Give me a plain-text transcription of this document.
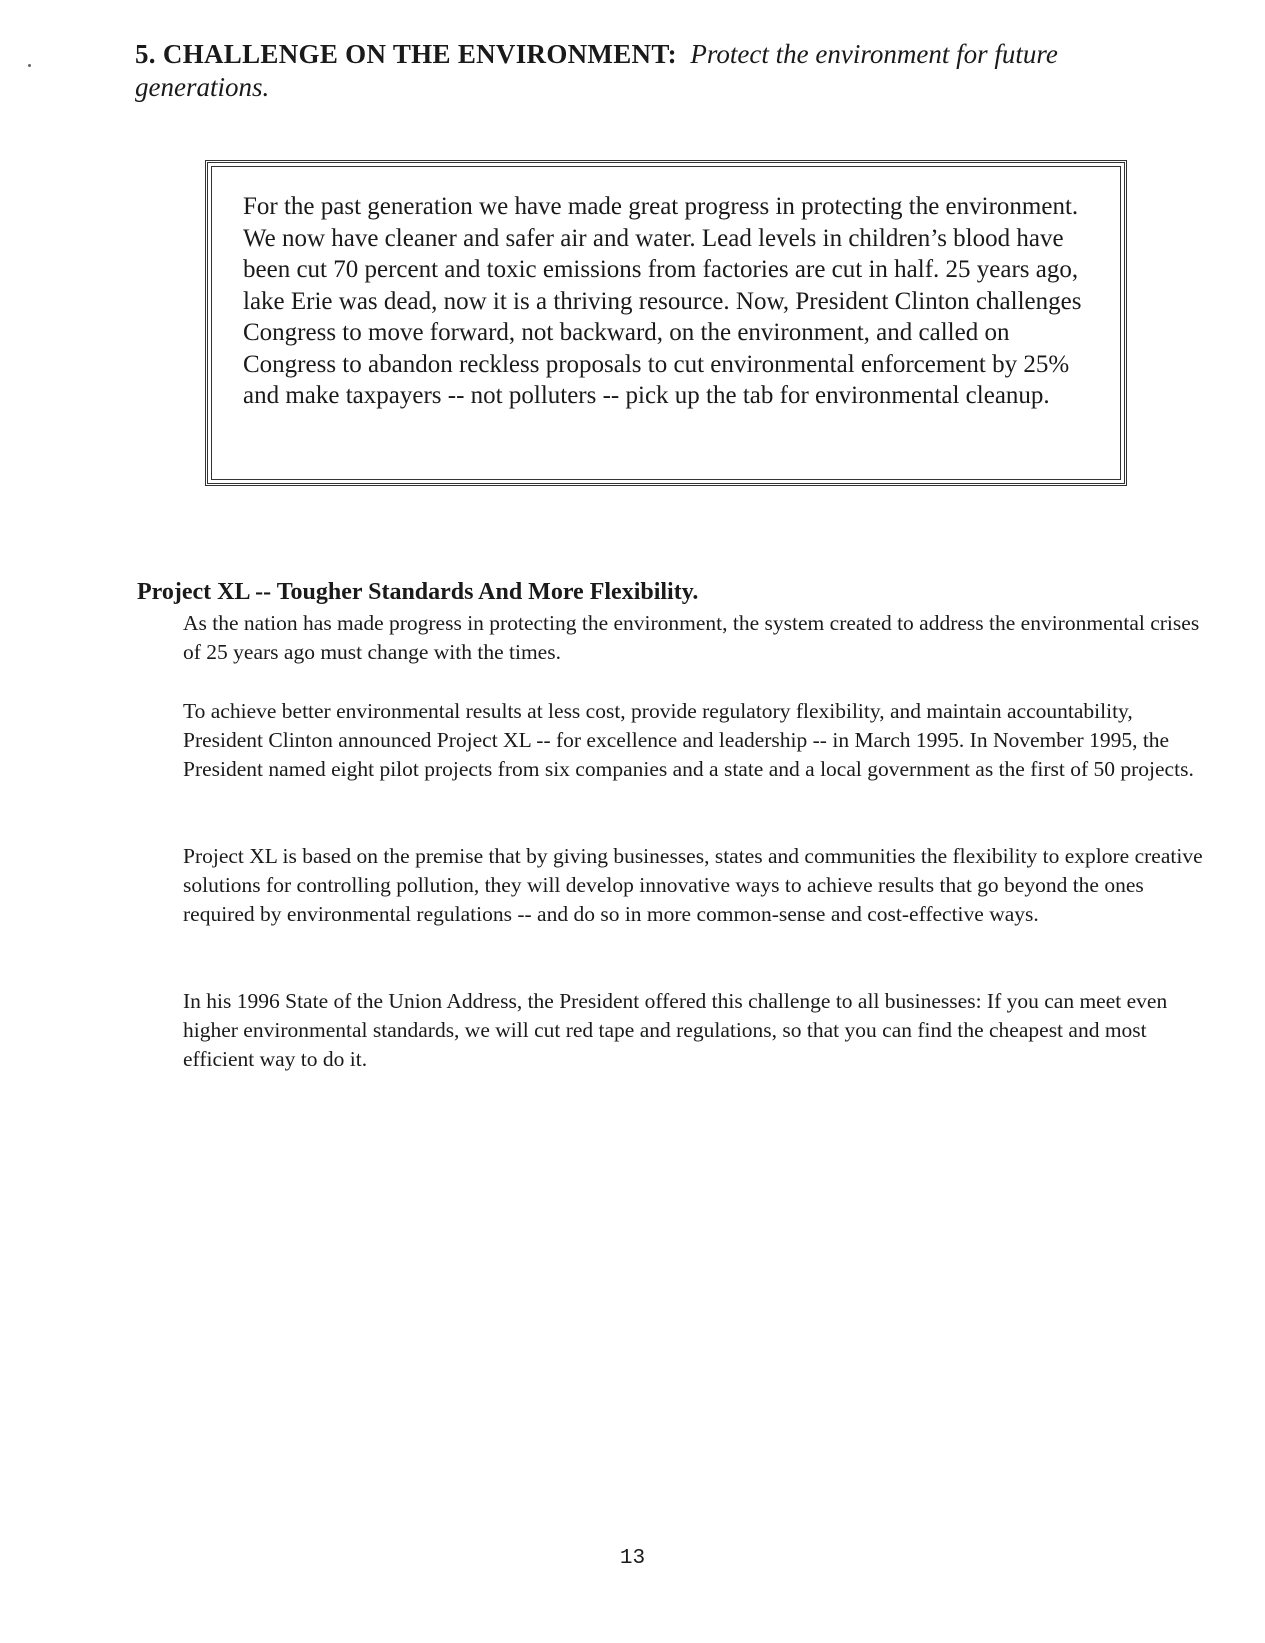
5. CHALLENGE ON THE ENVIRONMENT: Protect the environment for future generations.
For the past generation we have made great progress in protecting the environment. We now have cleaner and safer air and water. Lead levels in children’s blood have been cut 70 percent and toxic emissions from factories are cut in half. 25 years ago, lake Erie was dead, now it is a thriving resource. Now, President Clinton challenges Congress to move forward, not backward, on the environment, and called on Congress to abandon reckless proposals to cut environmental enforcement by 25% and make taxpayers -- not polluters -- pick up the tab for environmental cleanup.
Project XL -- Tougher Standards And More Flexibility.
As the nation has made progress in protecting the environment, the system created to address the environmental crises of 25 years ago must change with the times.
To achieve better environmental results at less cost, provide regulatory flexibility, and maintain accountability, President Clinton announced Project XL -- for excellence and leadership -- in March 1995. In November 1995, the President named eight pilot projects from six companies and a state and a local government as the first of 50 projects.
Project XL is based on the premise that by giving businesses, states and communities the flexibility to explore creative solutions for controlling pollution, they will develop innovative ways to achieve results that go beyond the ones required by environmental regulations -- and do so in more common-sense and cost-effective ways.
In his 1996 State of the Union Address, the President offered this challenge to all businesses: If you can meet even higher environmental standards, we will cut red tape and regulations, so that you can find the cheapest and most efficient way to do it.
13
